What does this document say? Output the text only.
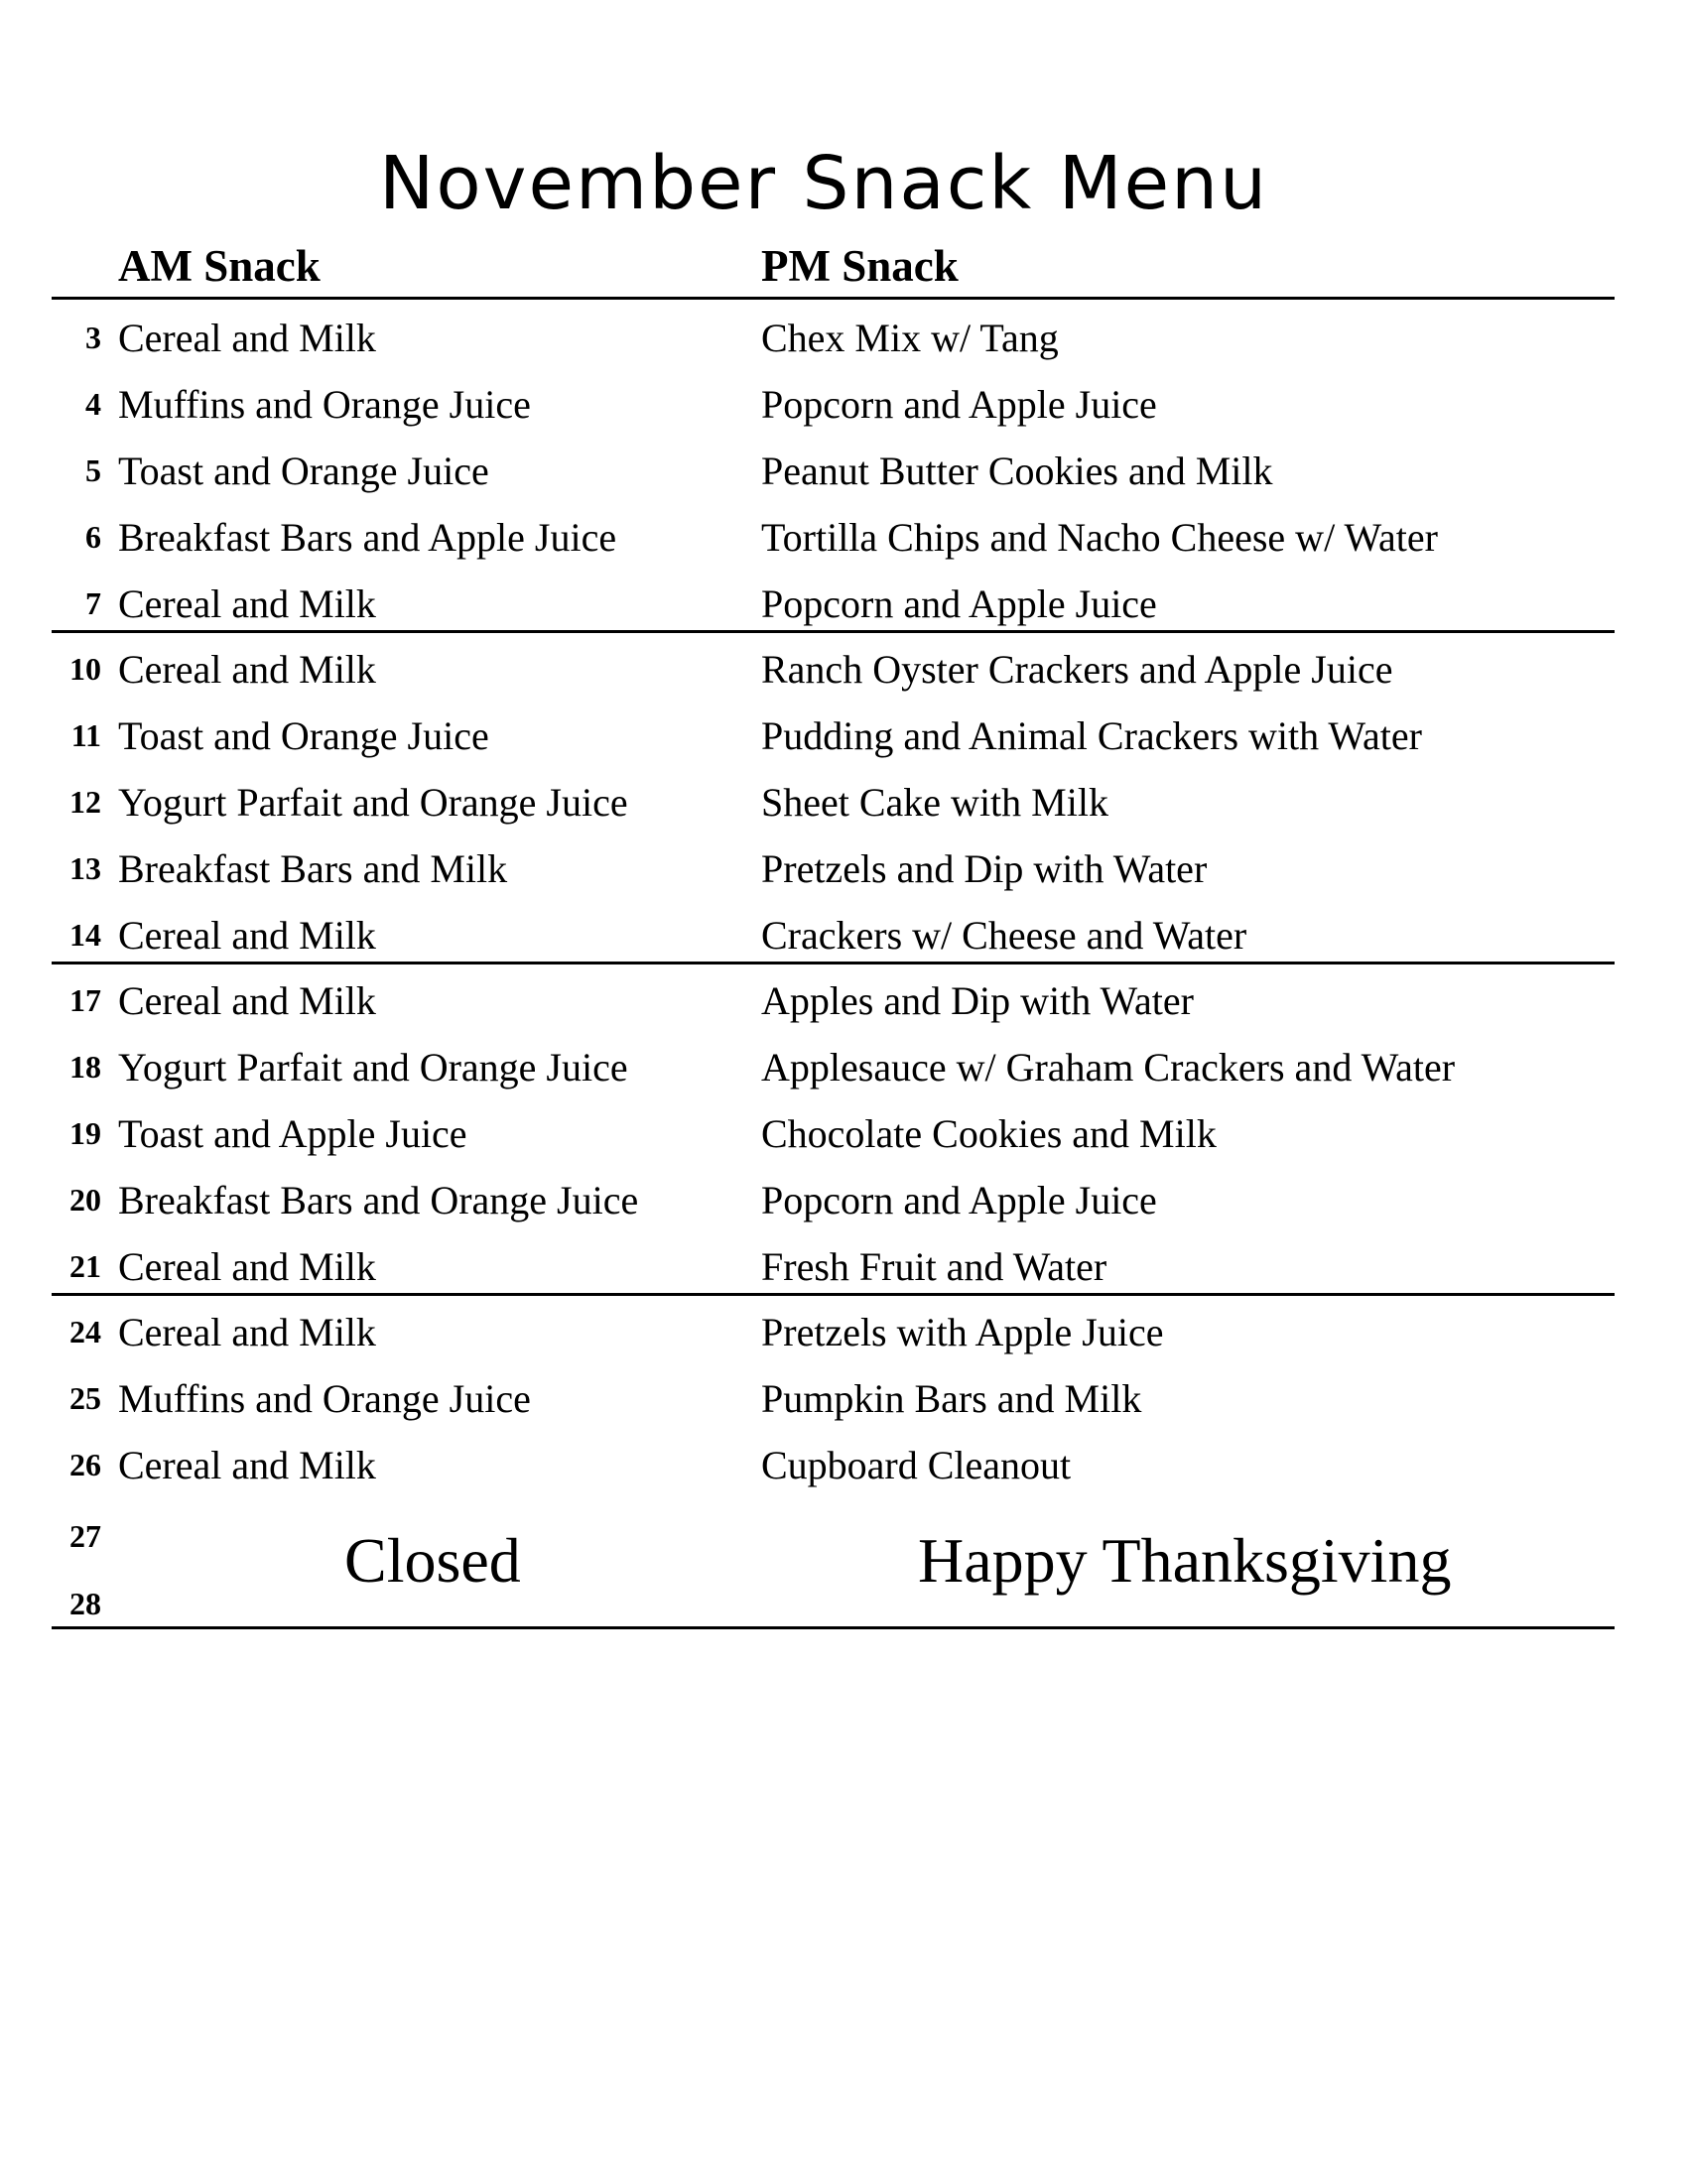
November Snack Menu
AM Snack	PM Snack
3 Cereal and Milk	Chex Mix w/ Tang
4 Muffins and Orange Juice	Popcorn and Apple Juice
5 Toast and Orange Juice	Peanut Butter Cookies and Milk
6 Breakfast Bars and Apple Juice	Tortilla Chips and Nacho Cheese w/ Water
7 Cereal and Milk	Popcorn and Apple Juice
10 Cereal and Milk	Ranch Oyster Crackers and Apple Juice
11 Toast and Orange Juice	Pudding and Animal Crackers with Water
12 Yogurt Parfait and Orange Juice	Sheet Cake with Milk
13 Breakfast Bars and Milk	Pretzels and Dip with Water
14 Cereal and Milk	Crackers w/ Cheese and Water
17 Cereal and Milk	Apples and Dip with Water
18 Yogurt Parfait and Orange Juice	Applesauce w/ Graham Crackers and Water
19 Toast and Apple Juice	Chocolate Cookies and Milk
20 Breakfast Bars and Orange Juice	Popcorn and Apple Juice
21 Cereal and Milk	Fresh Fruit and Water
24 Cereal and Milk	Pretzels with Apple Juice
25 Muffins and Orange Juice	Pumpkin Bars and Milk
26 Cereal and Milk	Cupboard Cleanout
27
28
Closed	Happy Thanksgiving
